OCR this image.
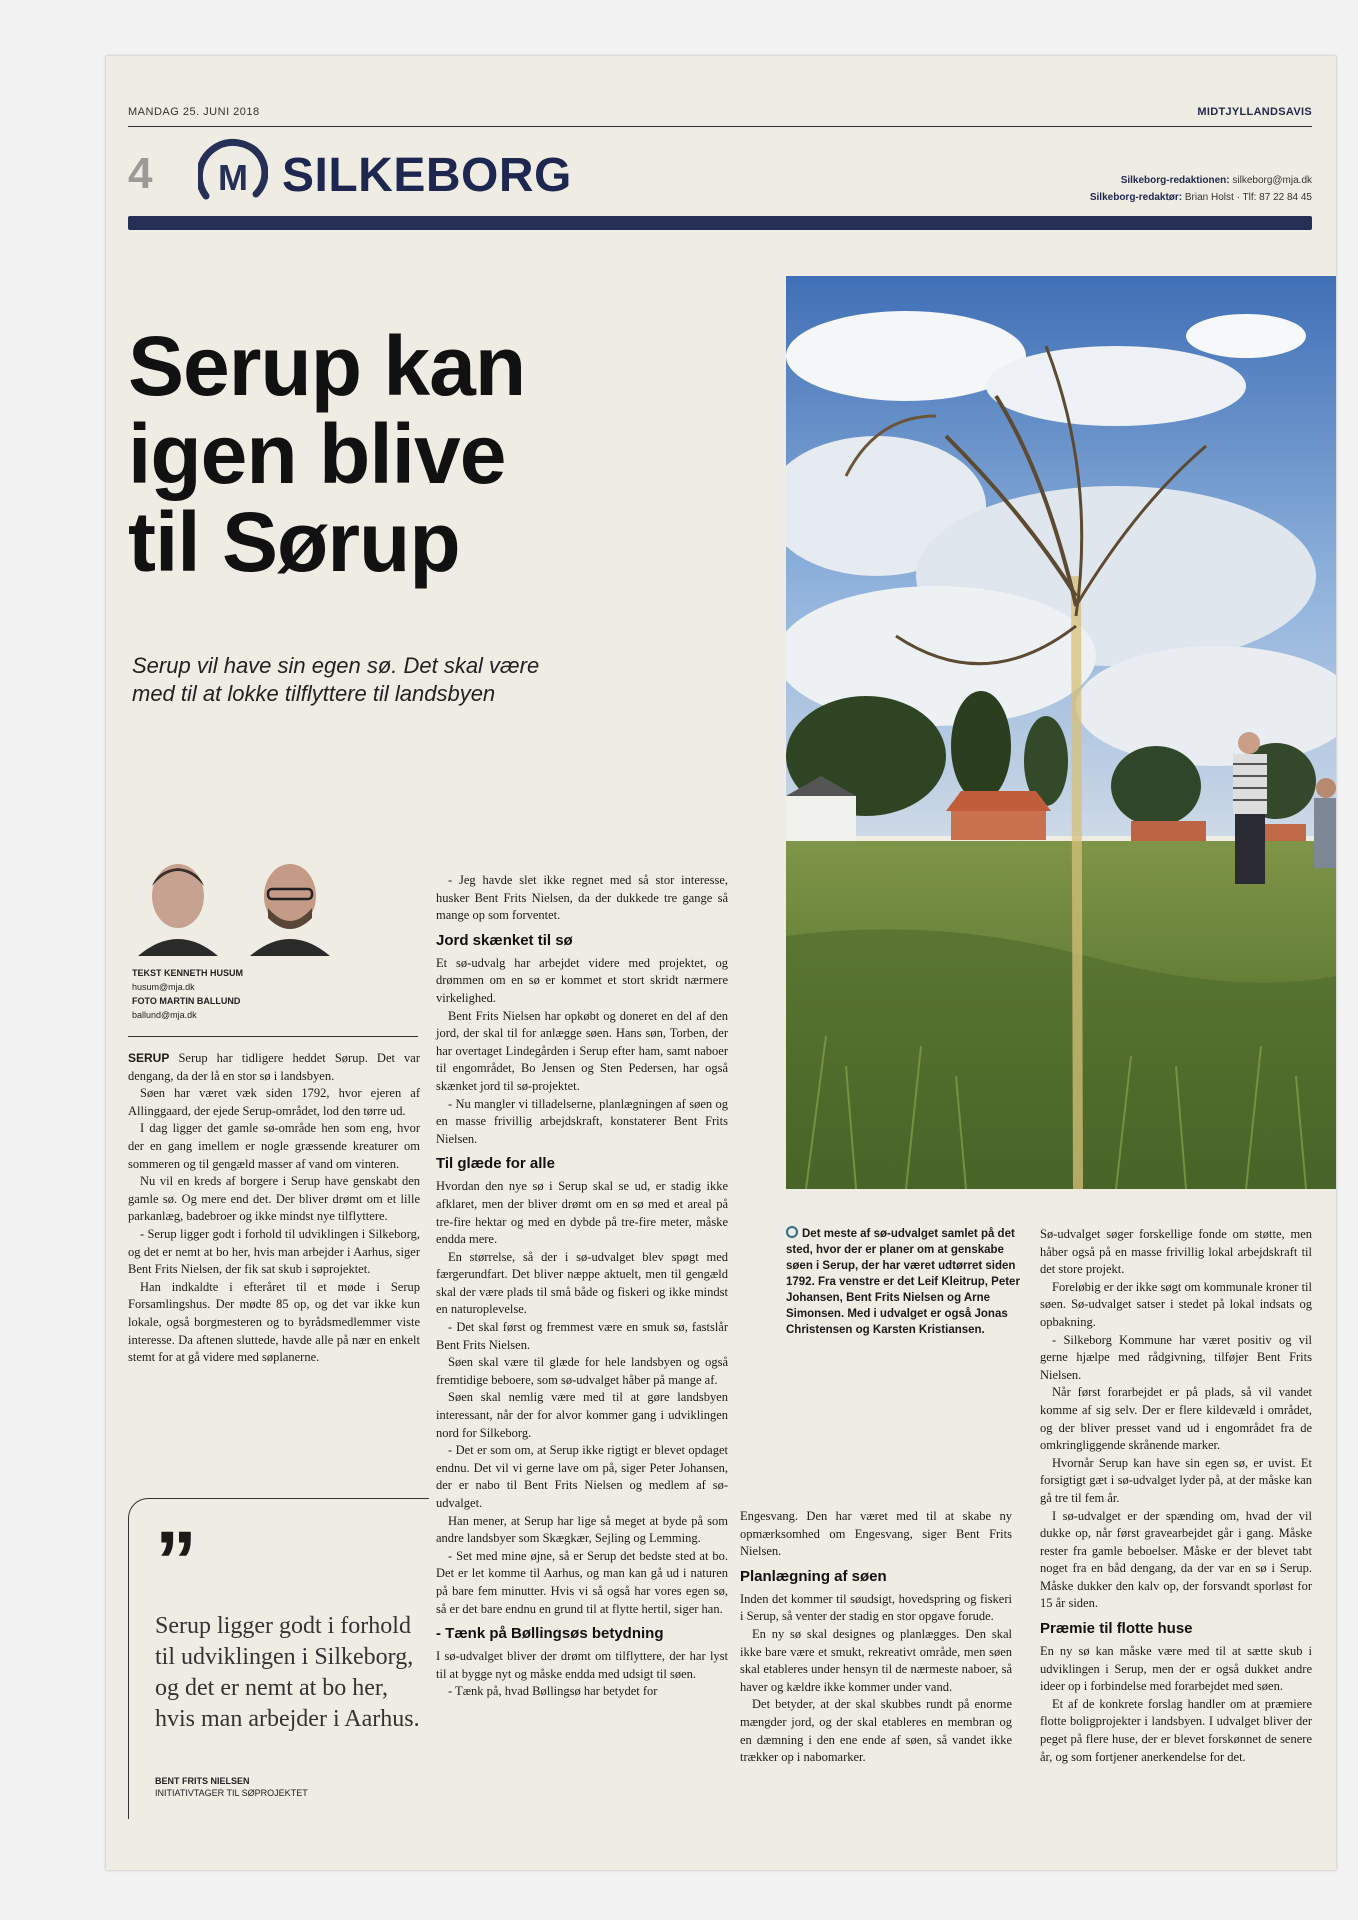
MANDAG 25. JUNI 2018	MIDTJYLLANDSAVIS
4 M SILKEBORG	Silkeborg-redaktionen: silkeborg@mja.dk
Silkeborg-redaktør: Brian Holst · Tlf: 87 22 84 45
Serup kan igen blive til Sørup

Serup vil have sin egen sø. Det skal være med til at lokke tilflyttere til landsbyen

Det meste af sø-udvalget samlet på det sted, hvor der er planer om at genskabe søen i Serup, der har været udtørret siden 1792. Fra venstre er det Leif Kleitrup, Peter Johansen, Bent Frits Nielsen og Arne Simonsen. Med i udvalget er også Jonas Christensen og Karsten Kristiansen.
TEKST KENNETH HUSUM
husum@mja.dk
FOTO MARTIN BALLUND
ballund@mja.dk

SERUP Serup har tidligere heddet Sørup. Det var dengang, da der lå en stor sø i landsbyen.

Søen har været væk siden 1792, hvor ejeren af Allinggaard, der ejede Serup-området, lod den tørre ud.

I dag ligger det gamle sø-område hen som eng, hvor der en gang imellem er nogle græssende kreaturer om sommeren og til gengæld masser af vand om vinteren.

Nu vil en kreds af borgere i Serup have genskabt den gamle sø. Og mere end det. Der bliver drømt om et lille parkanlæg, badebroer og ikke mindst nye tilflyttere.

- Serup ligger godt i forhold til udviklingen i Silkeborg, og det er nemt at bo her, hvis man arbejder i Aarhus, siger Bent Frits Nielsen, der fik sat skub i søprojektet.

Han indkaldte i efteråret til et møde i Serup Forsamlingshus. Der mødte 85 op, og det var ikke kun lokale, også borgmesteren og to byrådsmedlemmer viste interesse. Da aftenen sluttede, havde alle på nær en enkelt stemt for at gå videre med søplanerne.

- Jeg havde slet ikke regnet med så stor interesse, husker Bent Frits Nielsen, da der dukkede tre gange så mange op som forventet.

Jord skænket til sø

Et sø-udvalg har arbejdet videre med projektet, og drømmen om en sø er kommet et stort skridt nærmere virkelighed.

Bent Frits Nielsen har opkøbt og doneret en del af den jord, der skal til for anlægge søen. Hans søn, Torben, der har overtaget Lindegården i Serup efter ham, samt naboer til engområdet, Bo Jensen og Sten Pedersen, har også skænket jord til sø-projektet.

- Nu mangler vi tilladelserne, planlægningen af søen og en masse frivillig arbejdskraft, konstaterer Bent Frits Nielsen.

Til glæde for alle

Hvordan den nye sø i Serup skal se ud, er stadig ikke afklaret, men der bliver drømt om en sø med et areal på tre-fire hektar og med en dybde på tre-fire meter, måske endda mere.

En størrelse, så der i sø-udvalget blev spøgt med færgerundfart. Det bliver næppe aktuelt, men til gengæld skal der være plads til små både og fiskeri og ikke mindst en naturoplevelse.

- Det skal først og fremmest være en smuk sø, fastslår Bent Frits Nielsen.

Søen skal være til glæde for hele landsbyen og også fremtidige beboere, som sø-udvalget håber på mange af.

Søen skal nemlig være med til at gøre landsbyen interessant, når der for alvor kommer gang i udviklingen nord for Silkeborg.

- Det er som om, at Serup ikke rigtigt er blevet opdaget endnu. Det vil vi gerne lave om på, siger Peter Johansen, der er nabo til Bent Frits Nielsen og medlem af sø-udvalget.

Han mener, at Serup har lige så meget at byde på som andre landsbyer som Skægkær, Sejling og Lemming.

- Set med mine øjne, så er Serup det bedste sted at bo. Det er let komme til Aarhus, og man kan gå ud i naturen på bare fem minutter. Hvis vi så også har vores egen sø, så er det bare endnu en grund til at flytte hertil, siger han.

- Tænk på Bøllingsøs betydning

I sø-udvalget bliver der drømt om tilflyttere, der har lyst til at bygge nyt og måske endda med udsigt til søen.

- Tænk på, hvad Bøllingsø har betydet for

Engesvang. Den har været med til at skabe ny opmærksomhed om Engesvang, siger Bent Frits Nielsen.

Planlægning af søen

Inden det kommer til søudsigt, hovedspring og fiskeri i Serup, så venter der stadig en stor opgave forude.

En ny sø skal designes og planlægges. Den skal ikke bare være et smukt, rekreativt område, men søen skal etableres under hensyn til de nærmeste naboer, så haver og kældre ikke kommer under vand.

Det betyder, at der skal skubbes rundt på enorme mængder jord, og der skal etableres en membran og en dæmning i den ene ende af søen, så vandet ikke trækker op i nabomarker.

Sø-udvalget søger forskellige fonde om støtte, men håber også på en masse frivillig lokal arbejdskraft til det store projekt.

Foreløbig er der ikke søgt om kommunale kroner til søen. Sø-udvalget satser i stedet på lokal indsats og opbakning.

- Silkeborg Kommune har været positiv og vil gerne hjælpe med rådgivning, tilføjer Bent Frits Nielsen.

Når først forarbejdet er på plads, så vil vandet komme af sig selv. Der er flere kildevæld i området, og der bliver presset vand ud i engområdet fra de omkringliggende skrånende marker.

Hvornår Serup kan have sin egen sø, er uvist. Et forsigtigt gæt i sø-udvalget lyder på, at der måske kan gå tre til fem år.

I sø-udvalget er der spænding om, hvad der vil dukke op, når først gravearbejdet går i gang. Måske rester fra gamle beboelser. Måske er der blevet tabt noget fra en båd dengang, da der var en sø i Serup. Måske dukker den kalv op, der forsvandt sporløst for 15 år siden.

Præmie til flotte huse

En ny sø kan måske være med til at sætte skub i udviklingen i Serup, men der er også dukket andre ideer op i forbindelse med forarbejdet med søen.

Et af de konkrete forslag handler om at præmiere flotte boligprojekter i landsbyen. I udvalget bliver der peget på flere huse, der er blevet forskønnet de senere år, og som fortjener anerkendelse for det.

”

Serup ligger godt i forhold til udviklingen i Silkeborg, og det er nemt at bo her, hvis man arbejder i Aarhus.

BENT FRITS NIELSEN
INITIATIVTAGER TIL SØPROJEKTET
